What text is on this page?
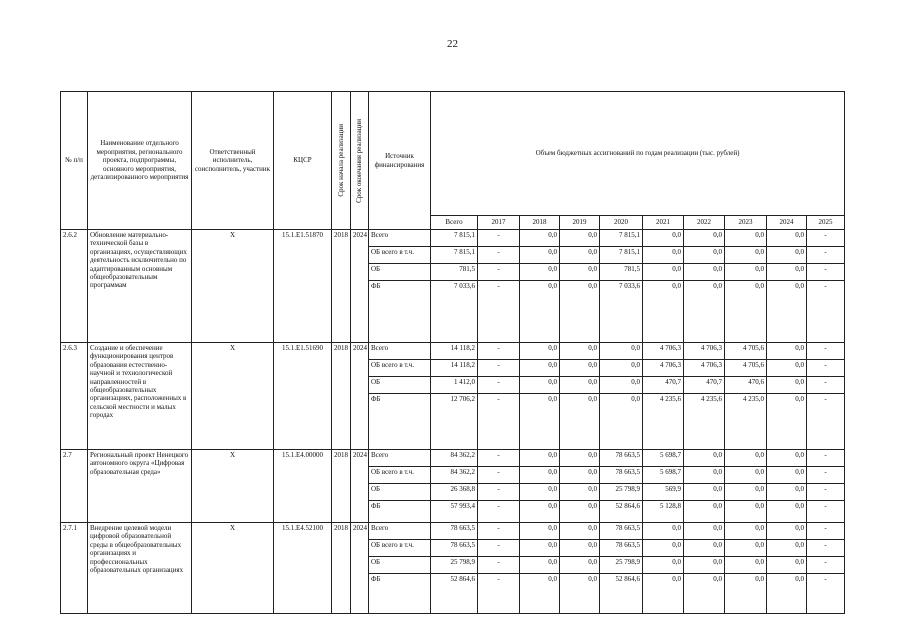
22
№ п/п	Наименование отдельного мероприятия, регионального проекта, подпрограммы, основного мероприятия, детализированного мероприятия	Ответственный исполнитель, соисполнитель, участник	КЦСР	Срок начала реализации	Срок окончания реализации	Источник финансирования	Объем бюджетных ассигнований по годам реализации (тыс. рублей)									
							Всего	2017	2018	2019	2020	2021	2022	2023	2024	2025
2.6.2	Обновление материально-технической базы в организациях, осуществляющих деятельность исключительно по адаптированным основным общеобразовательным программам	Х	15.1.Е1.51870	2018	2024	Всего	7 815,1	-	0,0	0,0	7 815,1	0,0	0,0	0,0	0,0	-
						ОБ всего в т.ч.	7 815,1	-	0,0	0,0	7 815,1	0,0	0,0	0,0	0,0	-
						ОБ	781,5	-	0,0	0,0	781,5	0,0	0,0	0,0	0,0	-
						ФБ	7 033,6	-	0,0	0,0	7 033,6	0,0	0,0	0,0	0,0	-
2.6.3	Создание и обеспечение функционирования центров образования естественно-научной и технологической направленностей в общеобразовательных организациях, расположенных в сельской местности и малых городах	Х	15.1.Е1.51690	2018	2024	Всего	14 118,2	-	0,0	0,0	0,0	4 706,3	4 706,3	4 705,6	0,0	-
						ОБ всего в т.ч.	14 118,2	-	0,0	0,0	0,0	4 706,3	4 706,3	4 705,6	0,0	-
						ОБ	1 412,0	-	0,0	0,0	0,0	470,7	470,7	470,6	0,0	-
						ФБ	12 706,2	-	0,0	0,0	0,0	4 235,6	4 235,6	4 235,0	0,0	-
2.7	Региональный проект Ненецкого автономного округа «Цифровая образовательная среда»	Х	15.1.Е4.00000	2018	2024	Всего	84 362,2	-	0,0	0,0	78 663,5	5 698,7	0,0	0,0	0,0	-
						ОБ всего в т.ч.	84 362,2	-	0,0	0,0	78 663,5	5 698,7	0,0	0,0	0,0	-
						ОБ	26 368,8	-	0,0	0,0	25 798,9	569,9	0,0	0,0	0,0	-
						ФБ	57 993,4	-	0,0	0,0	52 864,6	5 128,8	0,0	0,0	0,0	-
2.7.1	Внедрение целевой модели цифровой образовательной среды в общеобразовательных организациях и профессиональных образовательных организациях	Х	15.1.Е4.52100	2018	2024	Всего	78 663,5	-	0,0	0,0	78 663,5	0,0	0,0	0,0	0,0	-
						ОБ всего в т.ч.	78 663,5	-	0,0	0,0	78 663,5	0,0	0,0	0,0	0,0	-
						ОБ	25 798,9	-	0,0	0,0	25 798,9	0,0	0,0	0,0	0,0	-
						ФБ	52 864,6	-	0,0	0,0	52 864,6	0,0	0,0	0,0	0,0	-
